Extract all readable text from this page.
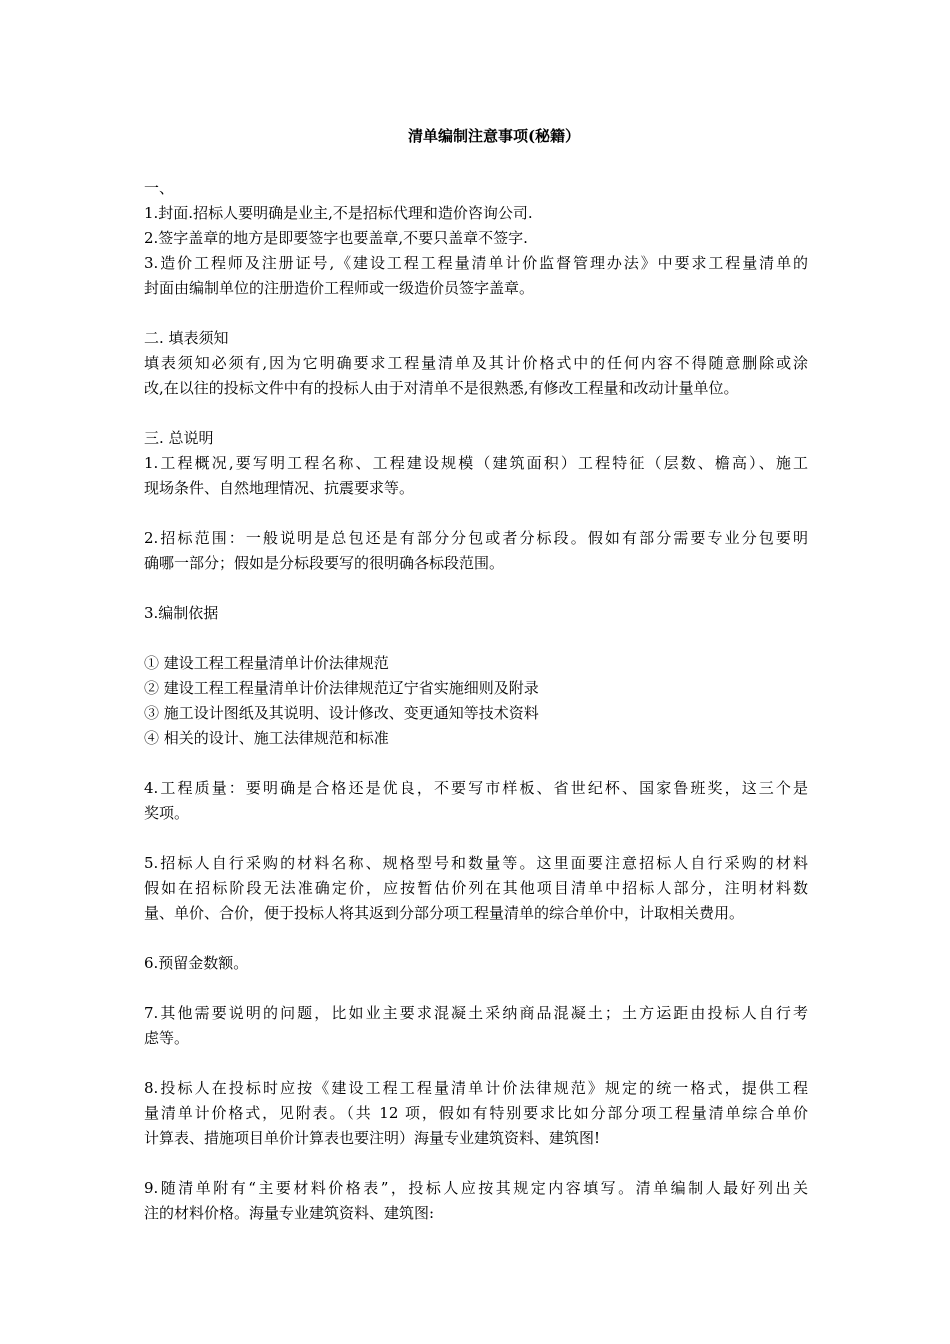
清单编制注意事项(秘籍）
一、
1.封面.招标人要明确是业主,不是招标代理和造价咨询公司.
2.签字盖章的地方是即要签字也要盖章,不要只盖章不签字.
3.造价工程师及注册证号,《建设工程工程量清单计价监督管理办法》中要求工程量清单的
封面由编制单位的注册造价工程师或一级造价员签字盖章。
二. 填表须知
填表须知必须有,因为它明确要求工程量清单及其计价格式中的任何内容不得随意删除或涂
改,在以往的投标文件中有的投标人由于对清单不是很熟悉,有修改工程量和改动计量单位。
三. 总说明
1.工程概况,要写明工程名称、工程建设规模（建筑面积）工程特征（层数、檐高）、施工
现场条件、自然地理情况、抗震要求等。
2.招标范围：一般说明是总包还是有部分分包或者分标段。假如有部分需要专业分包要明
确哪一部分；假如是分标段要写的很明确各标段范围。
3.编制依据
① 建设工程工程量清单计价法律规范
② 建设工程工程量清单计价法律规范辽宁省实施细则及附录
③ 施工设计图纸及其说明、设计修改、变更通知等技术资料
④ 相关的设计、施工法律规范和标准
4.工程质量：要明确是合格还是优良，不要写市样板、省世纪杯、国家鲁班奖，这三个是
奖项。
5.招标人自行采购的材料名称、规格型号和数量等。这里面要注意招标人自行采购的材料
假如在招标阶段无法准确定价，应按暂估价列在其他项目清单中招标人部分，注明材料数
量、单价、合价，便于投标人将其返到分部分项工程量清单的综合单价中，计取相关费用。
6.预留金数额。
7.其他需要说明的问题，比如业主要求混凝土采纳商品混凝土；土方运距由投标人自行考
虑等。
8.投标人在投标时应按《建设工程工程量清单计价法律规范》规定的统一格式，提供工程
量清单计价格式，见附表。（共 12 项，假如有特别要求比如分部分项工程量清单综合单价
计算表、措施项目单价计算表也要注明）海量专业建筑资料、建筑图!
9.随清单附有“主要材料价格表”，投标人应按其规定内容填写。清单编制人最好列出关
注的材料价格。海量专业建筑资料、建筑图:
